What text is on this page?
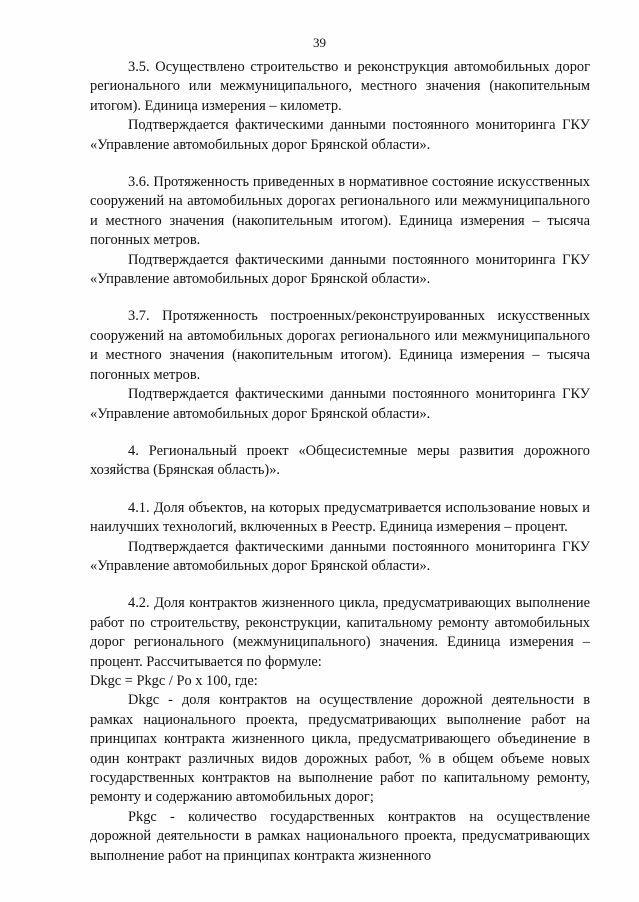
39

3.5. Осуществлено строительство и реконструкция автомобильных дорог регионального или межмуниципального, местного значения (накопительным итогом). Единица измерения – километр.

Подтверждается фактическими данными постоянного мониторинга ГКУ «Управление автомобильных дорог Брянской области».

3.6. Протяженность приведенных в нормативное состояние искусственных сооружений на автомобильных дорогах регионального или межмуниципального и местного значения (накопительным итогом). Единица измерения – тысяча погонных метров.

Подтверждается фактическими данными постоянного мониторинга ГКУ «Управление автомобильных дорог Брянской области».

3.7. Протяженность построенных/реконструированных искусственных сооружений на автомобильных дорогах регионального или межмуниципального и местного значения (накопительным итогом). Единица измерения – тысяча погонных метров.

Подтверждается фактическими данными постоянного мониторинга ГКУ «Управление автомобильных дорог Брянской области».

4. Региональный проект «Общесистемные меры развития дорожного хозяйства (Брянская область)».

4.1. Доля объектов, на которых предусматривается использование новых и наилучших технологий, включенных в Реестр. Единица измерения – процент.

Подтверждается фактическими данными постоянного мониторинга ГКУ «Управление автомобильных дорог Брянской области».

4.2. Доля контрактов жизненного цикла, предусматривающих выполнение работ по строительству, реконструкции, капитальному ремонту автомобильных дорог регионального (межмуниципального) значения. Единица измерения – процент. Рассчитывается по формуле:

Dkgc = Pkgc / Po x 100, где:

Dkgc - доля контрактов на осуществление дорожной деятельности в рамках национального проекта, предусматривающих выполнение работ на принципах контракта жизненного цикла, предусматривающего объединение в один контракт различных видов дорожных работ, % в общем объеме новых государственных контрактов на выполнение работ по капитальному ремонту, ремонту и содержанию автомобильных дорог;

Pkgc - количество государственных контрактов на осуществление дорожной деятельности в рамках национального проекта, предусматривающих выполнение работ на принципах контракта жизненного
